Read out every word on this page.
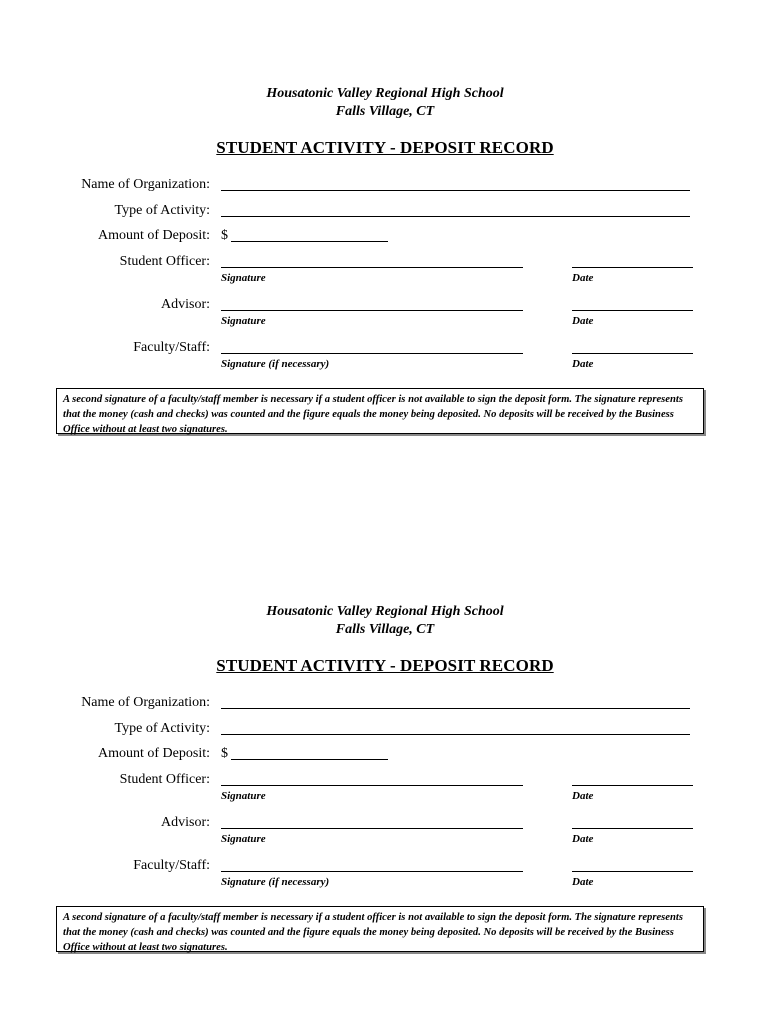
Housatonic Valley Regional High School
Falls Village, CT
STUDENT ACTIVITY - DEPOSIT RECORD
Name of Organization:
Type of Activity:
Amount of Deposit: $
Student Officer:
Signature	Date
Advisor:
Signature	Date
Faculty/Staff:
Signature (if necessary)	Date
A second signature of a faculty/staff member is necessary if a student officer is not available to sign the deposit form. The signature represents that the money (cash and checks) was counted and the figure equals the money being deposited. No deposits will be received by the Business Office without at least two signatures.
Housatonic Valley Regional High School
Falls Village, CT
STUDENT ACTIVITY - DEPOSIT RECORD
Name of Organization:
Type of Activity:
Amount of Deposit: $
Student Officer:
Signature	Date
Advisor:
Signature	Date
Faculty/Staff:
Signature (if necessary)	Date
A second signature of a faculty/staff member is necessary if a student officer is not available to sign the deposit form. The signature represents that the money (cash and checks) was counted and the figure equals the money being deposited. No deposits will be received by the Business Office without at least two signatures.
